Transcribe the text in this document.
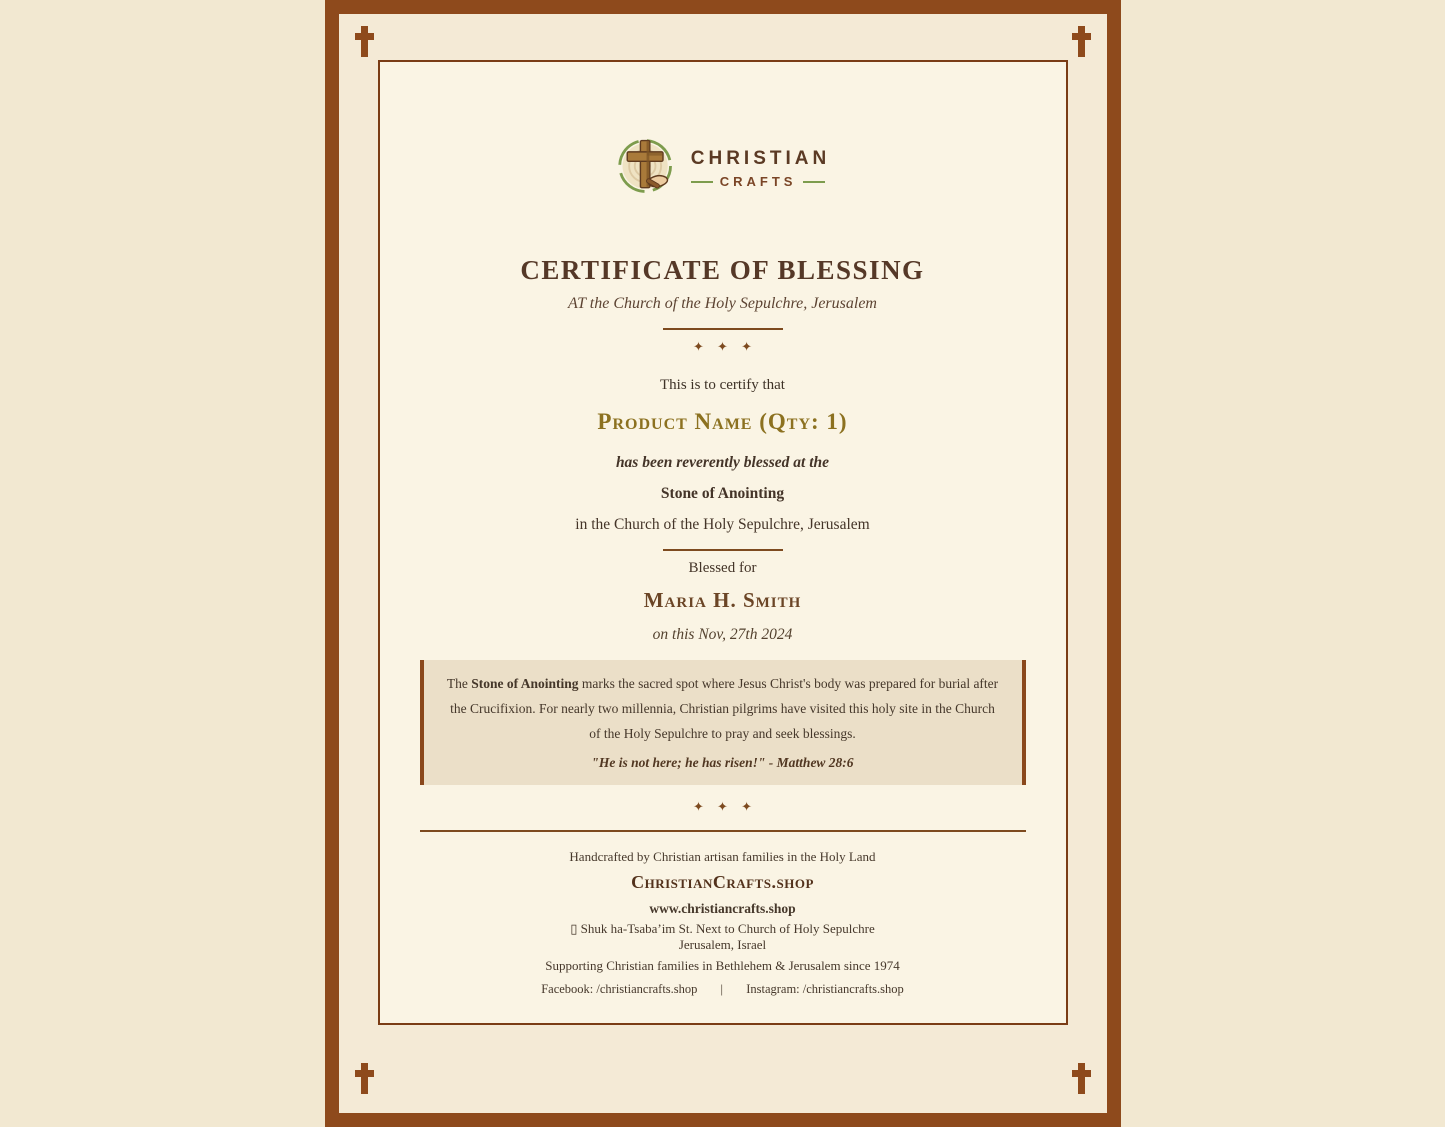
CHRISTIAN
CRAFTS
CERTIFICATE OF BLESSING
AT the Church of the Holy Sepulchre, Jerusalem
✦ ✦ ✦
This is to certify that
Product Name (Qty: 1)
has been reverently blessed at the
Stone of Anointing
in the Church of the Holy Sepulchre, Jerusalem
Blessed for
Maria H. Smith
on this Nov, 27th 2024
The Stone of Anointing marks the sacred spot where Jesus Christ's body was prepared for burial after the Crucifixion. For nearly two millennia, Christian pilgrims have visited this holy site in the Church of the Holy Sepulchre to pray and seek blessings.
"He is not here; he has risen!" - Matthew 28:6
✦ ✦ ✦
Handcrafted by Christian artisan families in the Holy Land
ChristianCrafts.shop
www.christiancrafts.shop
▯ Shuk ha-Tsaba’im St. Next to Church of Holy Sepulchre
Jerusalem, Israel
Supporting Christian families in Bethlehem & Jerusalem since 1974
Facebook: /christiancrafts.shop | Instagram: /christiancrafts.shop
